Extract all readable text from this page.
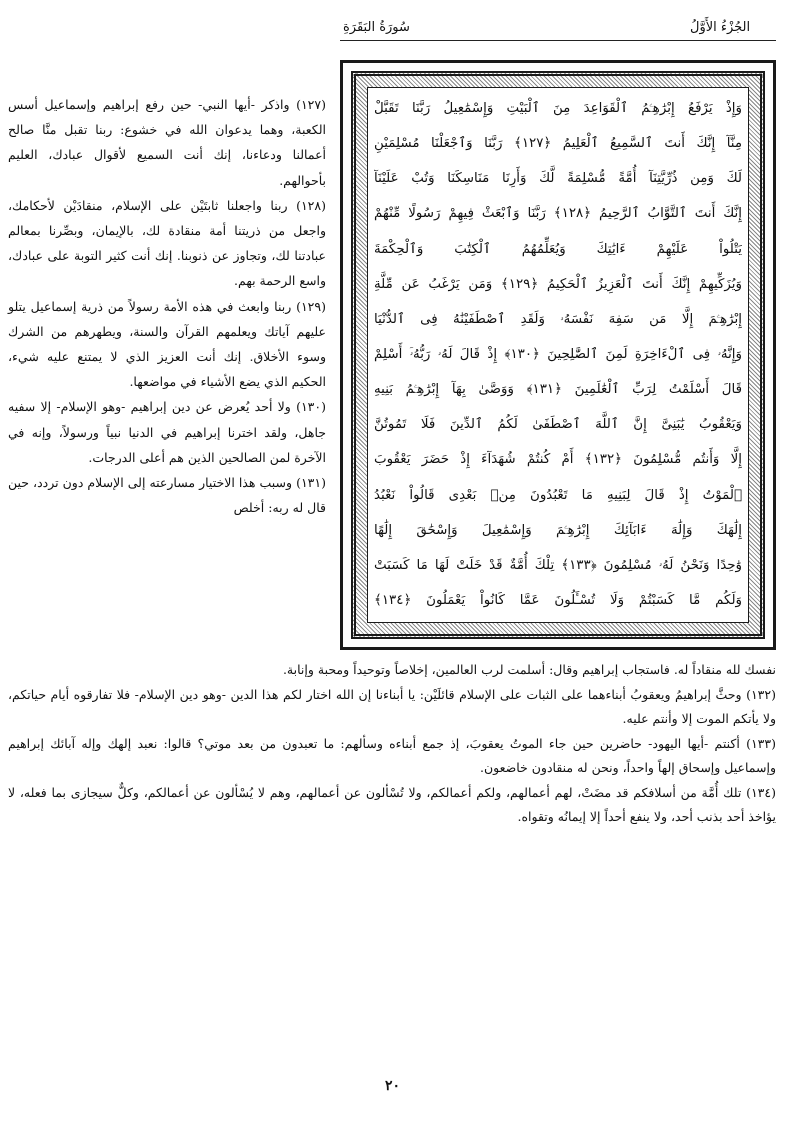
الجُزْءُ الأَوَّلُ
سُورَةُ البَقَرَةِ
وَإِذْ يَرْفَعُ إِبْرَٰهِـۧمُ ٱلْقَوَاعِدَ مِنَ ٱلْبَيْتِ وَإِسْمَٰعِيلُ رَبَّنَا تَقَبَّلْ
مِنَّآ إِنَّكَ أَنتَ ٱلسَّمِيعُ ٱلْعَلِيمُ ﴿١٢٧﴾ رَبَّنَا وَٱجْعَلْنَا مُسْلِمَيْنِ
لَكَ وَمِن ذُرِّيَّتِنَآ أُمَّةً مُّسْلِمَةً لَّكَ وَأَرِنَا مَنَاسِكَنَا وَتُبْ عَلَيْنَآ
إِنَّكَ أَنتَ ٱلتَّوَّابُ ٱلرَّحِيمُ ﴿١٢٨﴾ رَبَّنَا وَٱبْعَثْ فِيهِمْ رَسُولًا مِّنْهُمْ
يَتْلُواْ عَلَيْهِمْ ءَايَٰتِكَ وَيُعَلِّمُهُمُ ٱلْكِتَٰبَ وَٱلْحِكْمَةَ
وَيُزَكِّيهِمْ إِنَّكَ أَنتَ ٱلْعَزِيزُ ٱلْحَكِيمُ ﴿١٢٩﴾ وَمَن يَرْغَبُ عَن مِّلَّةِ
إِبْرَٰهِـۧمَ إِلَّا مَن سَفِهَ نَفْسَهُۥ وَلَقَدِ ٱصْطَفَيْنَٰهُ فِى ٱلدُّنْيَا
وَإِنَّهُۥ فِى ٱلْءَاخِرَةِ لَمِنَ ٱلصَّٰلِحِينَ ﴿١٣٠﴾ إِذْ قَالَ لَهُۥ رَبُّهُۥٓ أَسْلِمْ
قَالَ أَسْلَمْتُ لِرَبِّ ٱلْعَٰلَمِينَ ﴿١٣١﴾ وَوَصَّىٰ بِهَآ إِبْرَٰهِـۧمُ بَنِيهِ
وَيَعْقُوبُ يَٰبَنِىَّ إِنَّ ٱللَّهَ ٱصْطَفَىٰ لَكُمُ ٱلدِّينَ فَلَا تَمُوتُنَّ
إِلَّا وَأَنتُم مُّسْلِمُونَ ﴿١٣٢﴾ أَمْ كُنتُمْ شُهَدَآءَ إِذْ حَضَرَ يَعْقُوبَ
ٱلْمَوْتُ إِذْ قَالَ لِبَنِيهِ مَا تَعْبُدُونَ مِنۢ بَعْدِى قَالُواْ نَعْبُدُ
إِلَٰهَكَ وَإِلَٰهَ ءَابَآئِكَ إِبْرَٰهِـۧمَ وَإِسْمَٰعِيلَ وَإِسْحَٰقَ إِلَٰهًا
وَٰحِدًا وَنَحْنُ لَهُۥ مُسْلِمُونَ ﴿١٣٣﴾ تِلْكَ أُمَّةٌ قَدْ خَلَتْ لَهَا مَا كَسَبَتْ
وَلَكُم مَّا كَسَبْتُمْ وَلَا تُسْـَٔلُونَ عَمَّا كَانُواْ يَعْمَلُونَ ﴿١٣٤﴾

(١٢٧) واذكر -أيها النبي- حين رفع إبراهيم وإسماعيل أسس الكعبة، وهما يدعوان الله في خشوع: ربنا تقبل منَّا صالح أعمالنا ودعاءنا، إنك أنت السميع لأقوال عبادك، العليم بأحوالهم.

(١٢٨) ربنا واجعلنا ثابتَيْن على الإسلام، منقادَيْن لأحكامك، واجعل من ذريتنا أمة منقادة لك، بالإيمان، وبصِّرنا بمعالم عبادتنا لك، وتجاوز عن ذنوبنا. إنك أنت كثير التوبة على عبادك، واسع الرحمة بهم.

(١٢٩) ربنا وابعث في هذه الأمة رسولاً من ذرية إسماعيل يتلو عليهم آياتك ويعلمهم القرآن والسنة، ويطهرهم من الشرك وسوء الأخلاق. إنك أنت العزيز الذي لا يمتنع عليه شيء، الحكيم الذي يضع الأشياء في مواضعها.

(١٣٠) ولا أحد يُعرض عن دين إبراهيم -وهو الإسلام- إلا سفيه جاهل، ولقد اخترنا إبراهيم في الدنيا نبياً ورسولاً، وإنه في الآخرة لمن الصالحين الذين هم أعلى الدرجات.

(١٣١) وسبب هذا الاختيار مسارعته إلى الإسلام دون تردد، حين قال له ربه: أخلص

نفسك لله منقاداً له. فاستجاب إبراهيم وقال: أسلمت لرب العالمين، إخلاصاً وتوحيداً ومحبة وإنابة.

(١٣٢) وحثَّ إبراهيمُ ويعقوبُ أبناءهما على الثبات على الإسلام قائلَيْن: يا أبناءنا إن الله اختار لكم هذا الدين -وهو دين الإسلام- فلا تفارقوه أيام حياتكم، ولا يأتكم الموت إلا وأنتم عليه.

(١٣٣) أكنتم -أيها اليهود- حاضرين حين جاء الموتُ يعقوبَ، إذ جمع أبناءه وسألهم: ما تعبدون من بعد موتي؟ قالوا: نعبد إلهك وإله آبائك إبراهيم وإسماعيل وإسحاق إلهاً واحداً، ونحن له منقادون خاضعون.

(١٣٤) تلك أُمَّة من أسلافكم قد مضَتْ، لهم أعمالهم، ولكم أعمالكم، ولا تُسْألون عن أعمالهم، وهم لا يُسْألون عن أعمالكم، وكلٌّ سيجازى بما فعله، لا يؤاخذ أحد بذنب أحد، ولا ينفع أحداً إلا إيمانُه وتقواه.

٢٠
